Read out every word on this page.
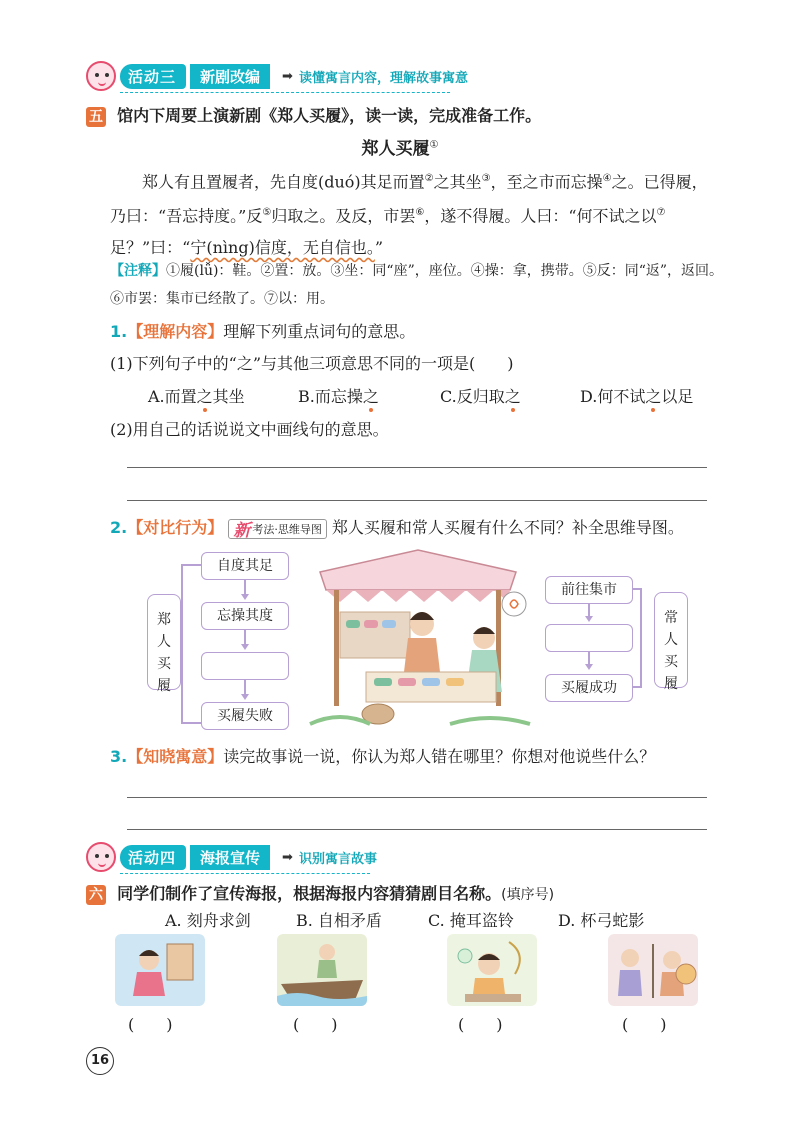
活动三	新剧改编	➡ 读懂寓言内容，理解故事寓意
五 馆内下周要上演新剧《郑人买履》，读一读，完成准备工作。
郑人买履①
郑人有且置履者，先自度(duó)其足而置②之其坐③，至之市而忘操④之。已得履，乃曰：“吾忘持度。”反⑤归取之。及反，市罢⑥，遂不得履。人曰：“何不试之以⑦足？”曰：“宁(nìng)信度，无自信也。”
【注释】①履(lǚ)：鞋。②置：放。③坐：同“座”，座位。④操：拿，携带。⑤反：同“返”，返回。⑥市罢：集市已经散了。⑦以：用。
1.【理解内容】理解下列重点词句的意思。
(1)下列句子中的“之”与其他三项意思不同的一项是(　　)
A.而置之其坐	B.而忘操之	C.反归取之	D.何不试之以足
(2)用自己的话说说文中画线句的意思。
2.【对比行为】 新 考法·思维导图 郑人买履和常人买履有什么不同？补全思维导图。
郑人买履
自度其足
忘操其度
买履失败
前往集市
买履成功
常人买履
3.【知晓寓意】读完故事说一说，你认为郑人错在哪里？你想对他说些什么？
活动四	海报宣传	➡ 识别寓言故事
六 同学们制作了宣传海报，根据海报内容猜猜剧目名称。(填序号)
A. 刻舟求剑	B. 自相矛盾	C. 掩耳盗铃	D. 杯弓蛇影
(　　)	(　　)	(　　)	(　　)
16
